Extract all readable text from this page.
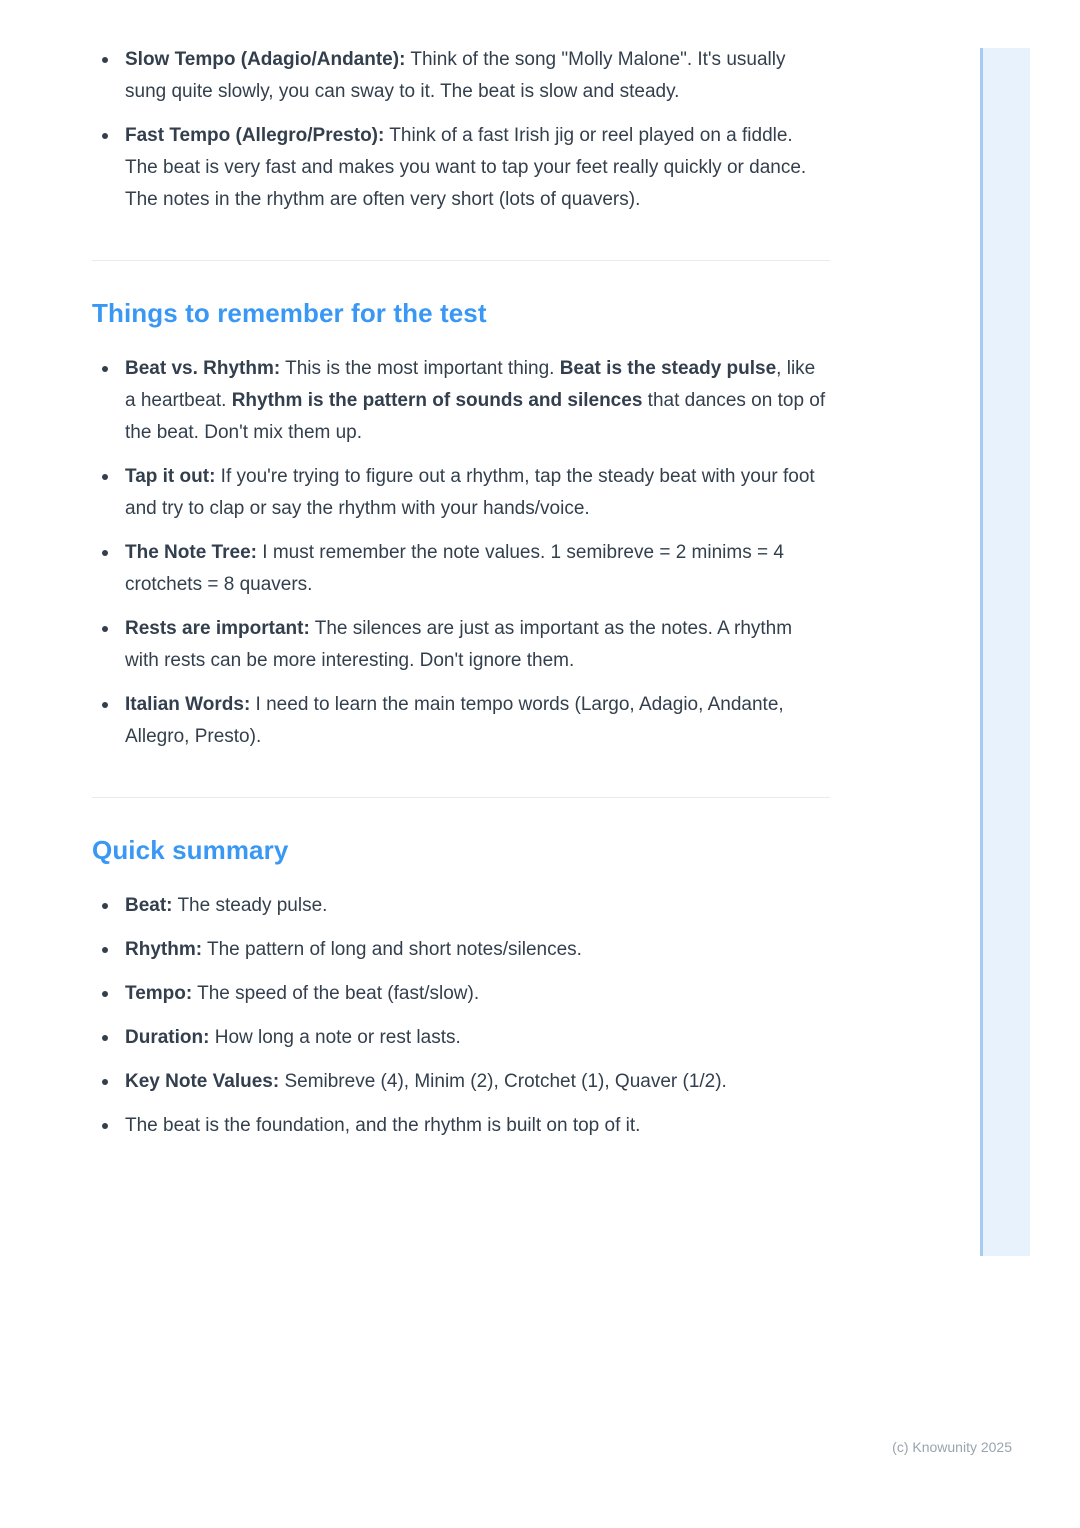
Slow Tempo (Adagio/Andante): Think of the song "Molly Malone". It's usually sung quite slowly, you can sway to it. The beat is slow and steady.
Fast Tempo (Allegro/Presto): Think of a fast Irish jig or reel played on a fiddle. The beat is very fast and makes you want to tap your feet really quickly or dance. The notes in the rhythm are often very short (lots of quavers).
Things to remember for the test
Beat vs. Rhythm: This is the most important thing. Beat is the steady pulse, like a heartbeat. Rhythm is the pattern of sounds and silences that dances on top of the beat. Don't mix them up.
Tap it out: If you're trying to figure out a rhythm, tap the steady beat with your foot and try to clap or say the rhythm with your hands/voice.
The Note Tree: I must remember the note values. 1 semibreve = 2 minims = 4 crotchets = 8 quavers.
Rests are important: The silences are just as important as the notes. A rhythm with rests can be more interesting. Don't ignore them.
Italian Words: I need to learn the main tempo words (Largo, Adagio, Andante, Allegro, Presto).
Quick summary
Beat: The steady pulse.
Rhythm: The pattern of long and short notes/silences.
Tempo: The speed of the beat (fast/slow).
Duration: How long a note or rest lasts.
Key Note Values: Semibreve (4), Minim (2), Crotchet (1), Quaver (1/2).
The beat is the foundation, and the rhythm is built on top of it.
(c) Knowunity 2025
